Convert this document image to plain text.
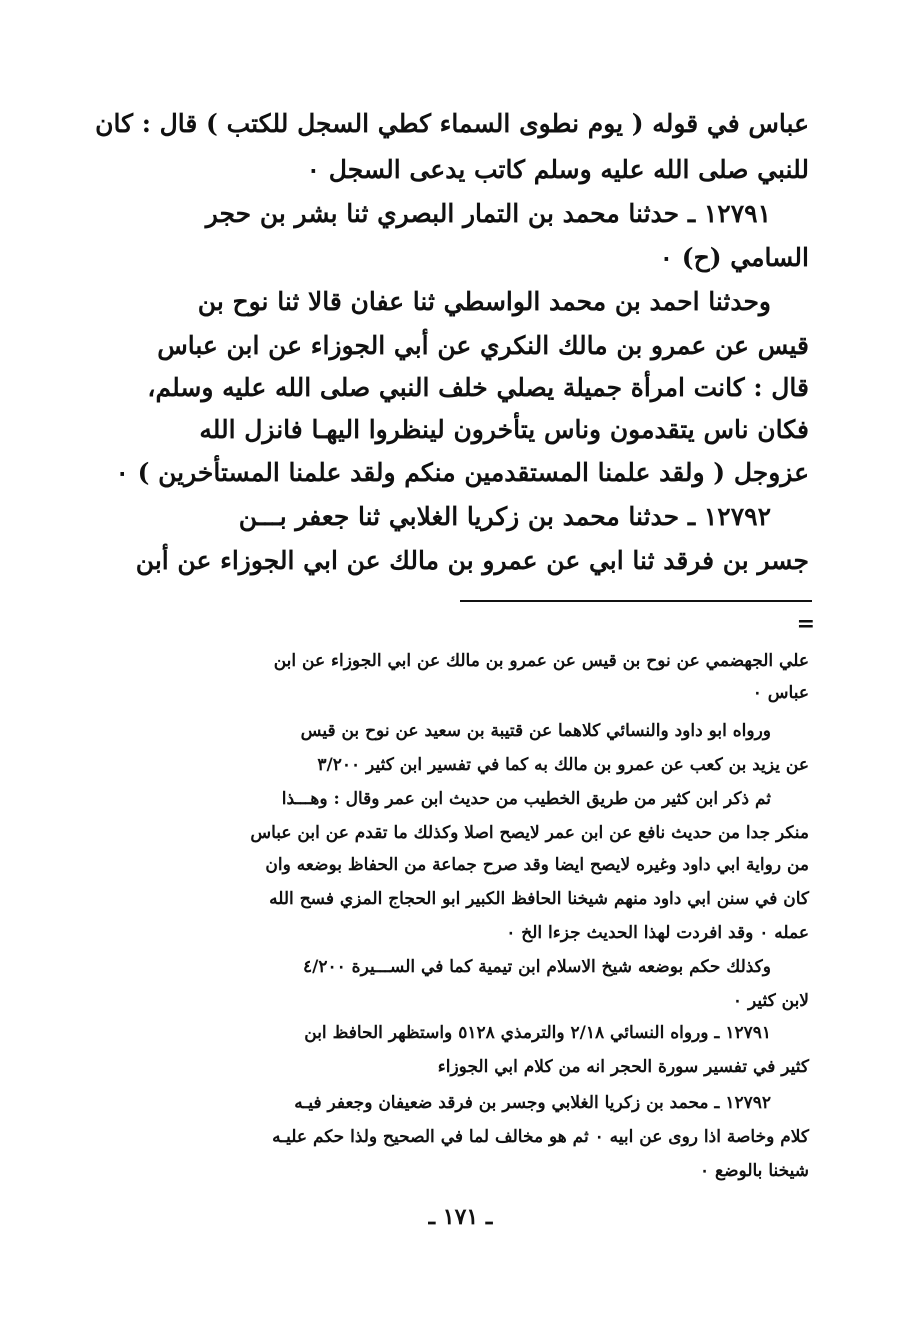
عباس في قوله ( يوم نطوى السماء كطي السجل للكتب ) قال : كان
للنبي صلى الله عليه وسلم كاتب يدعى السجل ٠
١٢٧٩١ ـ حدثنا محمد بن التمار البصري ثنا بشر بن حجر
السامي (ح) ٠
وحدثنا احمد بن محمد الواسطي ثنا عفان قالا ثنا نوح بن
قيس عن عمرو بن مالك النكري عن أبي الجوزاء عن ابن عباس
قال : كانت امرأة جميلة يصلي خلف النبي صلى الله عليه وسلم،
فكان ناس يتقدمون وناس يتأخرون لينظروا اليهـا فانزل الله
عزوجل ( ولقد علمنا المستقدمين منكم ولقد علمنا المستأخرين ) ٠
١٢٧٩٢ ـ حدثنا محمد بن زكريا الغلابي ثنا جعفر بـــن
جسر بن فرقد ثنا ابي عن عمرو بن مالك عن ابي الجوزاء عن أبن
=
علي الجهضمي عن نوح بن قيس عن عمرو بن مالك عن ابي الجوزاء عن ابن
عباس ٠
ورواه ابو داود والنسائي كلاهما عن قتيبة بن سعيد عن نوح بن قيس
عن يزيد بن كعب عن عمرو بن مالك به كما في تفسير ابن كثير ٣/٢٠٠
ثم ذكر ابن كثير من طريق الخطيب من حديث ابن عمر وقال : وهـــذا
منكر جدا من حديث نافع عن ابن عمر لايصح اصلا وكذلك ما تقدم عن ابن عباس
من رواية ابي داود وغيره لايصح ايضا وقد صرح جماعة من الحفاظ بوضعه وان
كان في سنن ابي داود منهم شيخنا الحافظ الكبير ابو الحجاج المزي فسح الله
عمله ٠ وقد افردت لهذا الحديث جزءا الخ ٠
وكذلك حكم بوضعه شيخ الاسلام ابن تيمية كما في الســـيرة ٤/٢٠٠
لابن كثير ٠
١٢٧٩١ ـ ورواه النسائي ٢/١٨ والترمذي ٥١٢٨ واستظهر الحافظ ابن
كثير في تفسير سورة الحجر انه من كلام ابي الجوزاء
١٢٧٩٢ ـ محمد بن زكريا الغلابي وجسر بن فرقد ضعيفان وجعفر فيـه
كلام وخاصة اذا روى عن ابيه ٠ ثم هو مخالف لما في الصحيح ولذا حكم عليـه
شيخنا بالوضع ٠
ـ ١٧١ ـ
